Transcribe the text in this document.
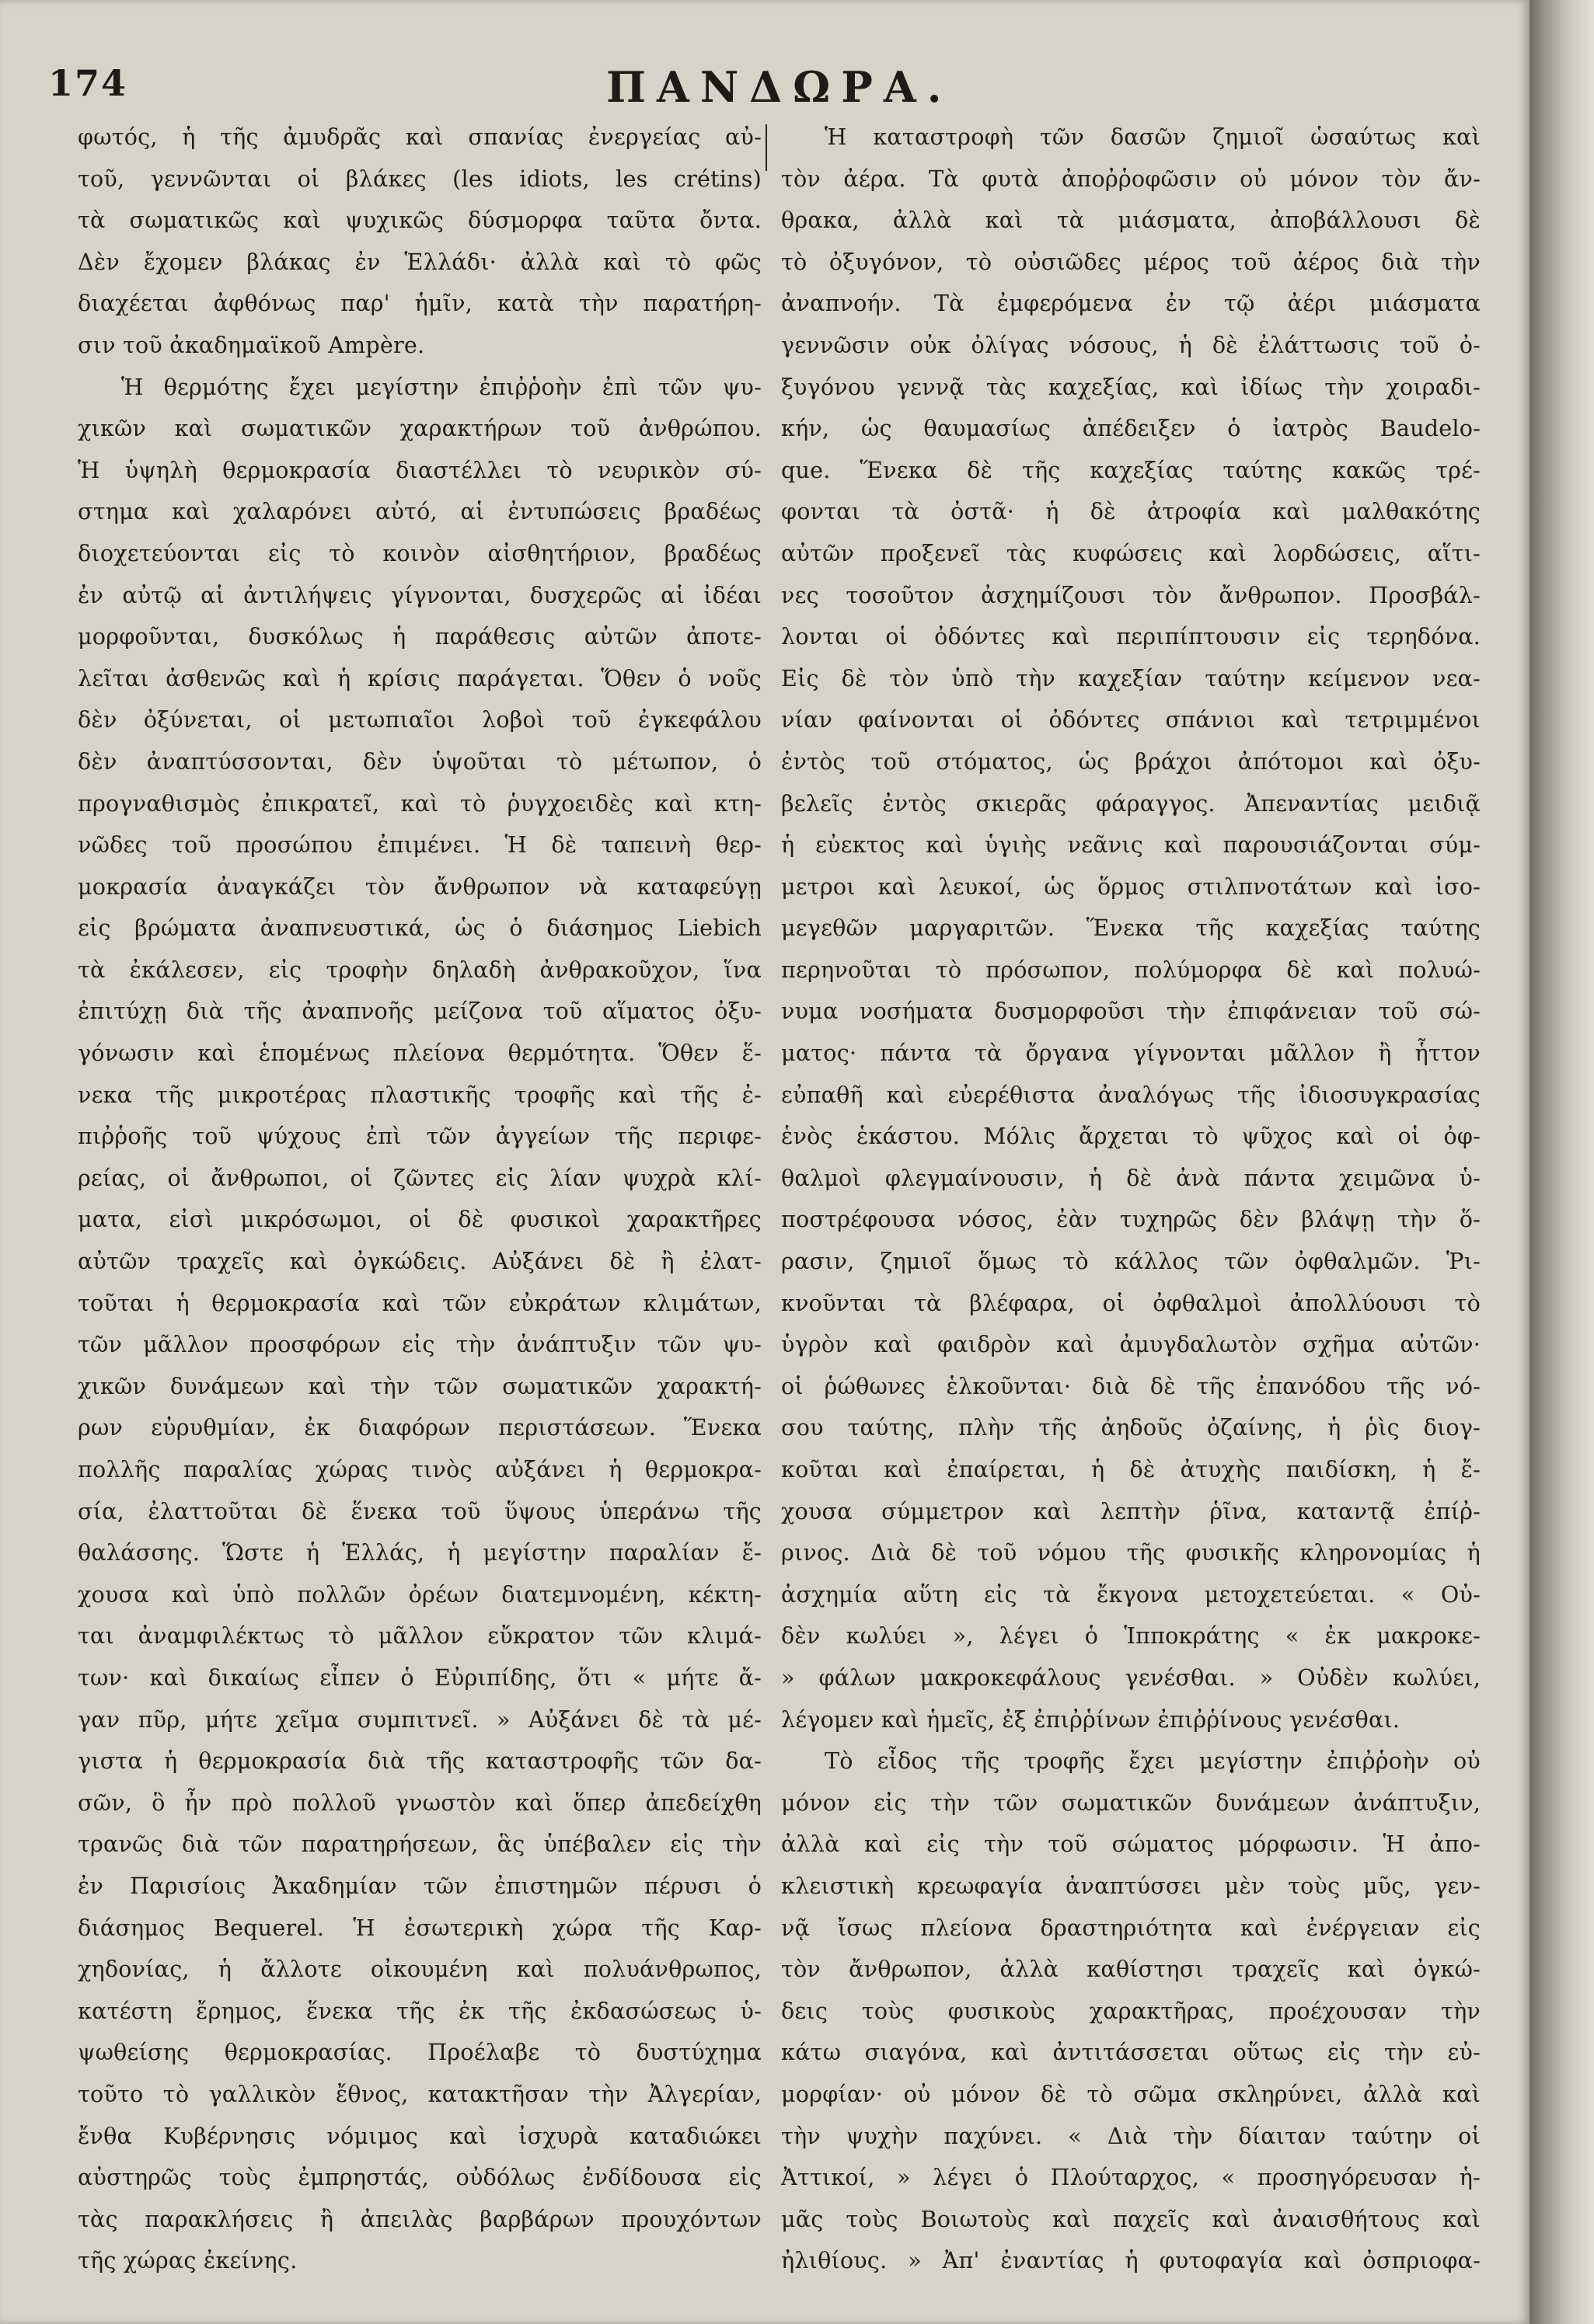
174	ΠΑΝΔΩΡΑ.
φωτός, ἡ τῆς ἀμυδρᾶς καὶ σπανίας ἐνεργείας αὐ-
τοῦ, γεννῶνται οἱ βλάκες (les idiots, les crétins)
τὰ σωματικῶς καὶ ψυχικῶς δύσμορφα ταῦτα ὄντα.
Δὲν ἔχομεν βλάκας ἐν Ἑλλάδι· ἀλλὰ καὶ τὸ φῶς
διαχέεται ἀφθόνως παρ' ἡμῖν, κατὰ τὴν παρατήρη-
σιν τοῦ ἀκαδημαϊκοῦ Ampère.
Ἡ θερμότης ἔχει μεγίστην ἐπιῤῥοὴν ἐπὶ τῶν ψυ-
χικῶν καὶ σωματικῶν χαρακτήρων τοῦ ἀνθρώπου.
Ἡ ὑψηλὴ θερμοκρασία διαστέλλει τὸ νευρικὸν σύ-
στημα καὶ χαλαρόνει αὐτό, αἱ ἐντυπώσεις βραδέως
διοχετεύονται εἰς τὸ κοινὸν αἰσθητήριον, βραδέως
ἐν αὐτῷ αἱ ἀντιλήψεις γίγνονται, δυσχερῶς αἱ ἰδέαι
μορφοῦνται, δυσκόλως ἡ παράθεσις αὐτῶν ἀποτε-
λεῖται ἀσθενῶς καὶ ἡ κρίσις παράγεται. Ὅθεν ὁ νοῦς
δὲν ὀξύνεται, οἱ μετωπιαῖοι λοβοὶ τοῦ ἐγκεφάλου
δὲν ἀναπτύσσονται, δὲν ὑψοῦται τὸ μέτωπον, ὁ
προγναθισμὸς ἐπικρατεῖ, καὶ τὸ ῥυγχοειδὲς καὶ κτη-
νῶδες τοῦ προσώπου ἐπιμένει. Ἡ δὲ ταπεινὴ θερ-
μοκρασία ἀναγκάζει τὸν ἄνθρωπον νὰ καταφεύγῃ
εἰς βρώματα ἀναπνευστικά, ὡς ὁ διάσημος Liebich
τὰ ἐκάλεσεν, εἰς τροφὴν δηλαδὴ ἀνθρακοῦχον, ἵνα
ἐπιτύχῃ διὰ τῆς ἀναπνοῆς μείζονα τοῦ αἵματος ὀξυ-
γόνωσιν καὶ ἑπομένως πλείονα θερμότητα. Ὅθεν ἕ-
νεκα τῆς μικροτέρας πλαστικῆς τροφῆς καὶ τῆς ἐ-
πιῤῥοῆς τοῦ ψύχους ἐπὶ τῶν ἀγγείων τῆς περιφε-
ρείας, οἱ ἄνθρωποι, οἱ ζῶντες εἰς λίαν ψυχρὰ κλί-
ματα, εἰσὶ μικρόσωμοι, οἱ δὲ φυσικοὶ χαρακτῆρες
αὐτῶν τραχεῖς καὶ ὀγκώδεις. Αὐξάνει δὲ ἢ ἐλατ-
τοῦται ἡ θερμοκρασία καὶ τῶν εὐκράτων κλιμάτων,
τῶν μᾶλλον προσφόρων εἰς τὴν ἀνάπτυξιν τῶν ψυ-
χικῶν δυνάμεων καὶ τὴν τῶν σωματικῶν χαρακτή-
ρων εὐρυθμίαν, ἐκ διαφόρων περιστάσεων. Ἕνεκα
πολλῆς παραλίας χώρας τινὸς αὐξάνει ἡ θερμοκρα-
σία, ἐλαττοῦται δὲ ἕνεκα τοῦ ὕψους ὑπεράνω τῆς
θαλάσσης. Ὥστε ἡ Ἑλλάς, ἡ μεγίστην παραλίαν ἔ-
χουσα καὶ ὑπὸ πολλῶν ὀρέων διατεμνομένη, κέκτη-
ται ἀναμφιλέκτως τὸ μᾶλλον εὔκρατον τῶν κλιμά-
των· καὶ δικαίως εἶπεν ὁ Εὐριπίδης, ὅτι « μήτε ἄ-
γαν πῦρ, μήτε χεῖμα συμπιτνεῖ. » Αὐξάνει δὲ τὰ μέ-
γιστα ἡ θερμοκρασία διὰ τῆς καταστροφῆς τῶν δα-
σῶν, ὃ ἦν πρὸ πολλοῦ γνωστὸν καὶ ὅπερ ἀπεδείχθη
τρανῶς διὰ τῶν παρατηρήσεων, ἃς ὑπέβαλεν εἰς τὴν
ἐν Παρισίοις Ἀκαδημίαν τῶν ἐπιστημῶν πέρυσι ὁ
διάσημος Bequerel. Ἡ ἐσωτερικὴ χώρα τῆς Καρ-
χηδονίας, ἡ ἄλλοτε οἰκουμένη καὶ πολυάνθρωπος,
κατέστη ἔρημος, ἕνεκα τῆς ἐκ τῆς ἐκδασώσεως ὑ-
ψωθείσης θερμοκρασίας. Προέλαβε τὸ δυστύχημα
τοῦτο τὸ γαλλικὸν ἔθνος, κατακτῆσαν τὴν Ἀλγερίαν,
ἔνθα Κυβέρνησις νόμιμος καὶ ἰσχυρὰ καταδιώκει
αὐστηρῶς τοὺς ἐμπρηστάς, οὐδόλως ἐνδίδουσα εἰς
τὰς παρακλήσεις ἢ ἀπειλὰς βαρβάρων προυχόντων
τῆς χώρας ἐκείνης.
Ἡ καταστροφὴ τῶν δασῶν ζημιοῖ ὡσαύτως καὶ
τὸν ἀέρα. Τὰ φυτὰ ἀποῤῥοφῶσιν οὐ μόνον τὸν ἄν-
θρακα, ἀλλὰ καὶ τὰ μιάσματα, ἀποβάλλουσι δὲ
τὸ ὀξυγόνον, τὸ οὐσιῶδες μέρος τοῦ ἀέρος διὰ τὴν
ἀναπνοήν. Τὰ ἐμφερόμενα ἐν τῷ ἀέρι μιάσματα
γεννῶσιν οὐκ ὀλίγας νόσους, ἡ δὲ ἐλάττωσις τοῦ ὀ-
ξυγόνου γεννᾷ τὰς καχεξίας, καὶ ἰδίως τὴν χοιραδι-
κήν, ὡς θαυμασίως ἀπέδειξεν ὁ ἰατρὸς Baudelo-
que. Ἕνεκα δὲ τῆς καχεξίας ταύτης κακῶς τρέ-
φονται τὰ ὀστᾶ· ἡ δὲ ἀτροφία καὶ μαλθακότης
αὐτῶν προξενεῖ τὰς κυφώσεις καὶ λορδώσεις, αἵτι-
νες τοσοῦτον ἀσχημίζουσι τὸν ἄνθρωπον. Προσβάλ-
λονται οἱ ὀδόντες καὶ περιπίπτουσιν εἰς τερηδόνα.
Εἰς δὲ τὸν ὑπὸ τὴν καχεξίαν ταύτην κείμενον νεα-
νίαν φαίνονται οἱ ὀδόντες σπάνιοι καὶ τετριμμένοι
ἐντὸς τοῦ στόματος, ὡς βράχοι ἀπότομοι καὶ ὀξυ-
βελεῖς ἐντὸς σκιερᾶς φάραγγος. Ἀπεναντίας μειδιᾷ
ἡ εὐεκτος καὶ ὑγιὴς νεᾶνις καὶ παρουσιάζονται σύμ-
μετροι καὶ λευκοί, ὡς ὅρμος στιλπνοτάτων καὶ ἰσο-
μεγεθῶν μαργαριτῶν. Ἕνεκα τῆς καχεξίας ταύτης
περηνοῦται τὸ πρόσωπον, πολύμορφα δὲ καὶ πολυώ-
νυμα νοσήματα δυσμορφοῦσι τὴν ἐπιφάνειαν τοῦ σώ-
ματος· πάντα τὰ ὄργανα γίγνονται μᾶλλον ἢ ἧττον
εὐπαθῆ καὶ εὐερέθιστα ἀναλόγως τῆς ἰδιοσυγκρασίας
ἑνὸς ἑκάστου. Μόλις ἄρχεται τὸ ψῦχος καὶ οἱ ὀφ-
θαλμοὶ φλεγμαίνουσιν, ἡ δὲ ἀνὰ πάντα χειμῶνα ὑ-
ποστρέφουσα νόσος, ἐὰν τυχηρῶς δὲν βλάψῃ τὴν ὅ-
ρασιν, ζημιοῖ ὅμως τὸ κάλλος τῶν ὀφθαλμῶν. Ῥι-
κνοῦνται τὰ βλέφαρα, οἱ ὀφθαλμοὶ ἀπολλύουσι τὸ
ὑγρὸν καὶ φαιδρὸν καὶ ἀμυγδαλωτὸν σχῆμα αὐτῶν·
οἱ ῥώθωνες ἑλκοῦνται· διὰ δὲ τῆς ἐπανόδου τῆς νό-
σου ταύτης, πλὴν τῆς ἀηδοῦς ὀζαίνης, ἡ ῥὶς διογ-
κοῦται καὶ ἐπαίρεται, ἡ δὲ ἀτυχὴς παιδίσκη, ἡ ἔ-
χουσα σύμμετρον καὶ λεπτὴν ῥῖνα, καταντᾷ ἐπίῤ-
ρινος. Διὰ δὲ τοῦ νόμου τῆς φυσικῆς κληρονομίας ἡ
ἀσχημία αὕτη εἰς τὰ ἔκγονα μετοχετεύεται. « Οὐ-
δὲν κωλύει », λέγει ὁ Ἱπποκράτης « ἐκ μακροκε-
» φάλων μακροκεφάλους γενέσθαι. » Οὐδὲν κωλύει,
λέγομεν καὶ ἡμεῖς, ἐξ ἐπιῤῥίνων ἐπιῤῥίνους γενέσθαι.
Τὸ εἶδος τῆς τροφῆς ἔχει μεγίστην ἐπιῤῥοὴν οὐ
μόνον εἰς τὴν τῶν σωματικῶν δυνάμεων ἀνάπτυξιν,
ἀλλὰ καὶ εἰς τὴν τοῦ σώματος μόρφωσιν. Ἡ ἀπο-
κλειστικὴ κρεωφαγία ἀναπτύσσει μὲν τοὺς μῦς, γεν-
νᾷ ἴσως πλείονα δραστηριότητα καὶ ἐνέργειαν εἰς
τὸν ἄνθρωπον, ἀλλὰ καθίστησι τραχεῖς καὶ ὀγκώ-
δεις τοὺς φυσικοὺς χαρακτῆρας, προέχουσαν τὴν
κάτω σιαγόνα, καὶ ἀντιτάσσεται οὕτως εἰς τὴν εὐ-
μορφίαν· οὐ μόνον δὲ τὸ σῶμα σκληρύνει, ἀλλὰ καὶ
τὴν ψυχὴν παχύνει. « Διὰ τὴν δίαιταν ταύτην οἱ
Ἀττικοί, » λέγει ὁ Πλούταρχος, « προσηγόρευσαν ἡ-
μᾶς τοὺς Βοιωτοὺς καὶ παχεῖς καὶ ἀναισθήτους καὶ
ἠλιθίους. » Ἀπ' ἐναντίας ἡ φυτοφαγία καὶ ὀσπριοφα-
